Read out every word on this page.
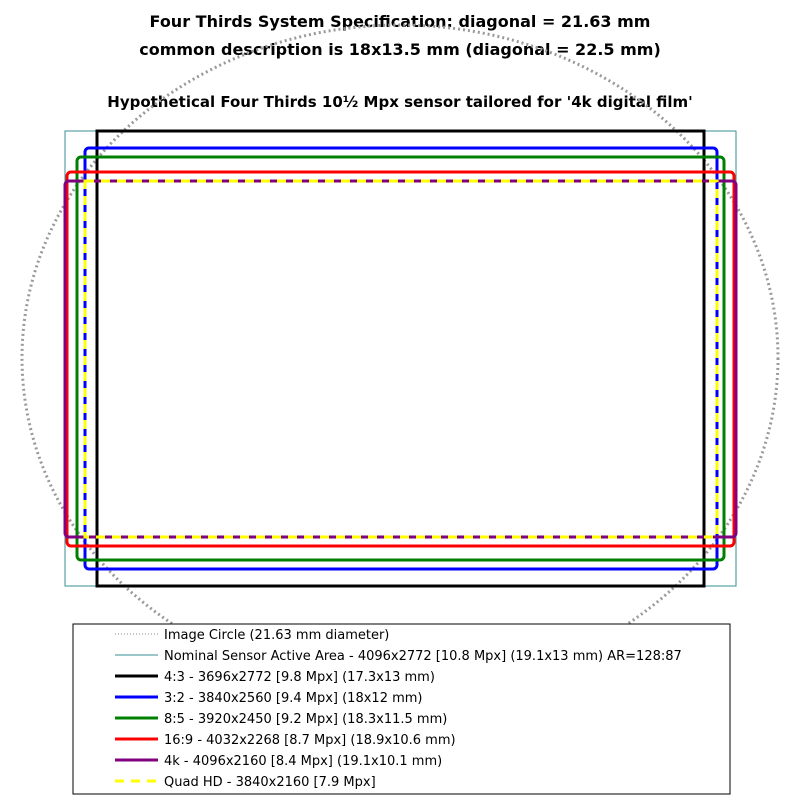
Four Thirds System Specification: diagonal = 21.63 mm
common description is 18x13.5 mm (diagonal = 22.5 mm)
Hypothetical Four Thirds 10½ Mpx sensor tailored for '4k digital film'
Image Circle (21.63 mm diameter)
Nominal Sensor Active Area - 4096x2772 [10.8 Mpx] (19.1x13 mm) AR=128:87
4:3 - 3696x2772 [9.8 Mpx] (17.3x13 mm)
3:2 - 3840x2560 [9.4 Mpx] (18x12 mm)
8:5 - 3920x2450 [9.2 Mpx] (18.3x11.5 mm)
16:9 - 4032x2268 [8.7 Mpx] (18.9x10.6 mm)
4k - 4096x2160 [8.4 Mpx] (19.1x10.1 mm)
Quad HD - 3840x2160 [7.9 Mpx]
